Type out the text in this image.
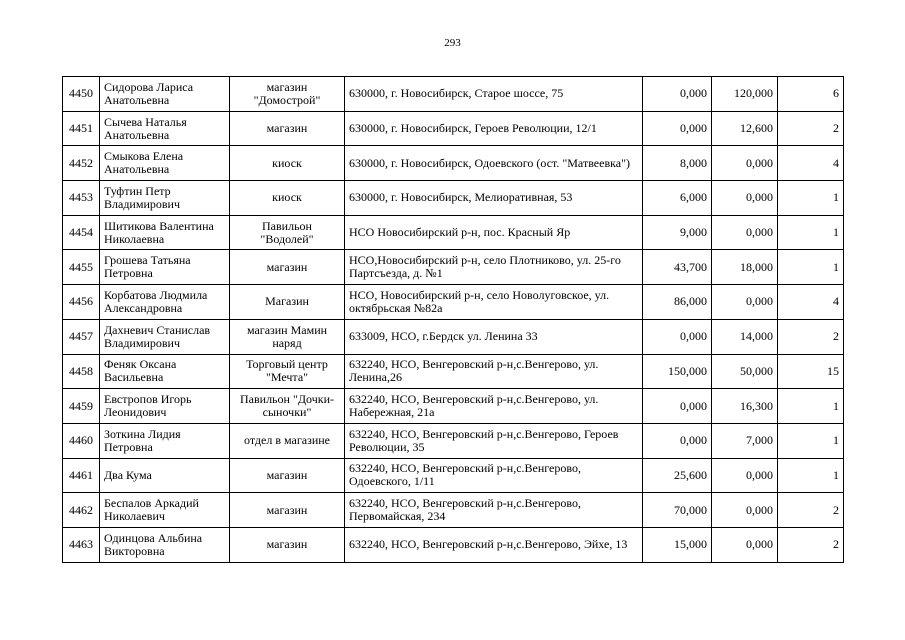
293
4450	Сидорова Лариса Анатольевна	магазин "Домострой"	630000, г. Новосибирск, Старое шоссе, 75	0,000	120,000	6
4451	Сычева Наталья Анатольевна	магазин	630000, г. Новосибирск, Героев Революции, 12/1	0,000	12,600	2
4452	Смыкова Елена Анатольевна	киоск	630000, г. Новосибирск, Одоевского (ост. "Матвеевка")	8,000	0,000	4
4453	Туфтин Петр Владимирович	киоск	630000, г. Новосибирск, Мелиоративная, 53	6,000	0,000	1
4454	Шитикова Валентина Николаевна	Павильон "Водолей"	НСО Новосибирский р-н, пос. Красный Яр	9,000	0,000	1
4455	Грошева Татьяна Петровна	магазин	НСО,Новосибирский р-н, село Плотниково, ул. 25-го Партсъезда, д. №1	43,700	18,000	1
4456	Корбатова Людмила Александровна	Магазин	НСО, Новосибирский р-н, село Новолуговское, ул. октябрьская №82а	86,000	0,000	4
4457	Дахневич Станислав Владимирович	магазин Мамин наряд	633009, НСО, г.Бердск ул. Ленина 33	0,000	14,000	2
4458	Феняк Оксана Васильевна	Торговый центр "Мечта"	632240, НСО, Венгеровский р-н,с.Венгерово, ул. Ленина,26	150,000	50,000	15
4459	Евстропов Игорь Леонидович	Павильон "Дочки-сыночки"	632240, НСО, Венгеровский р-н,с.Венгерово, ул. Набережная, 21а	0,000	16,300	1
4460	Зоткина Лидия Петровна	отдел в магазине	632240, НСО, Венгеровский р-н,с.Венгерово, Героев Революции, 35	0,000	7,000	1
4461	Два Кума	магазин	632240, НСО, Венгеровский р-н,с.Венгерово, Одоевского, 1/11	25,600	0,000	1
4462	Беспалов Аркадий Николаевич	магазин	632240, НСО, Венгеровский р-н,с.Венгерово, Первомайская, 234	70,000	0,000	2
4463	Одинцова Альбина Викторовна	магазин	632240, НСО, Венгеровский р-н,с.Венгерово, Эйхе, 13	15,000	0,000	2
